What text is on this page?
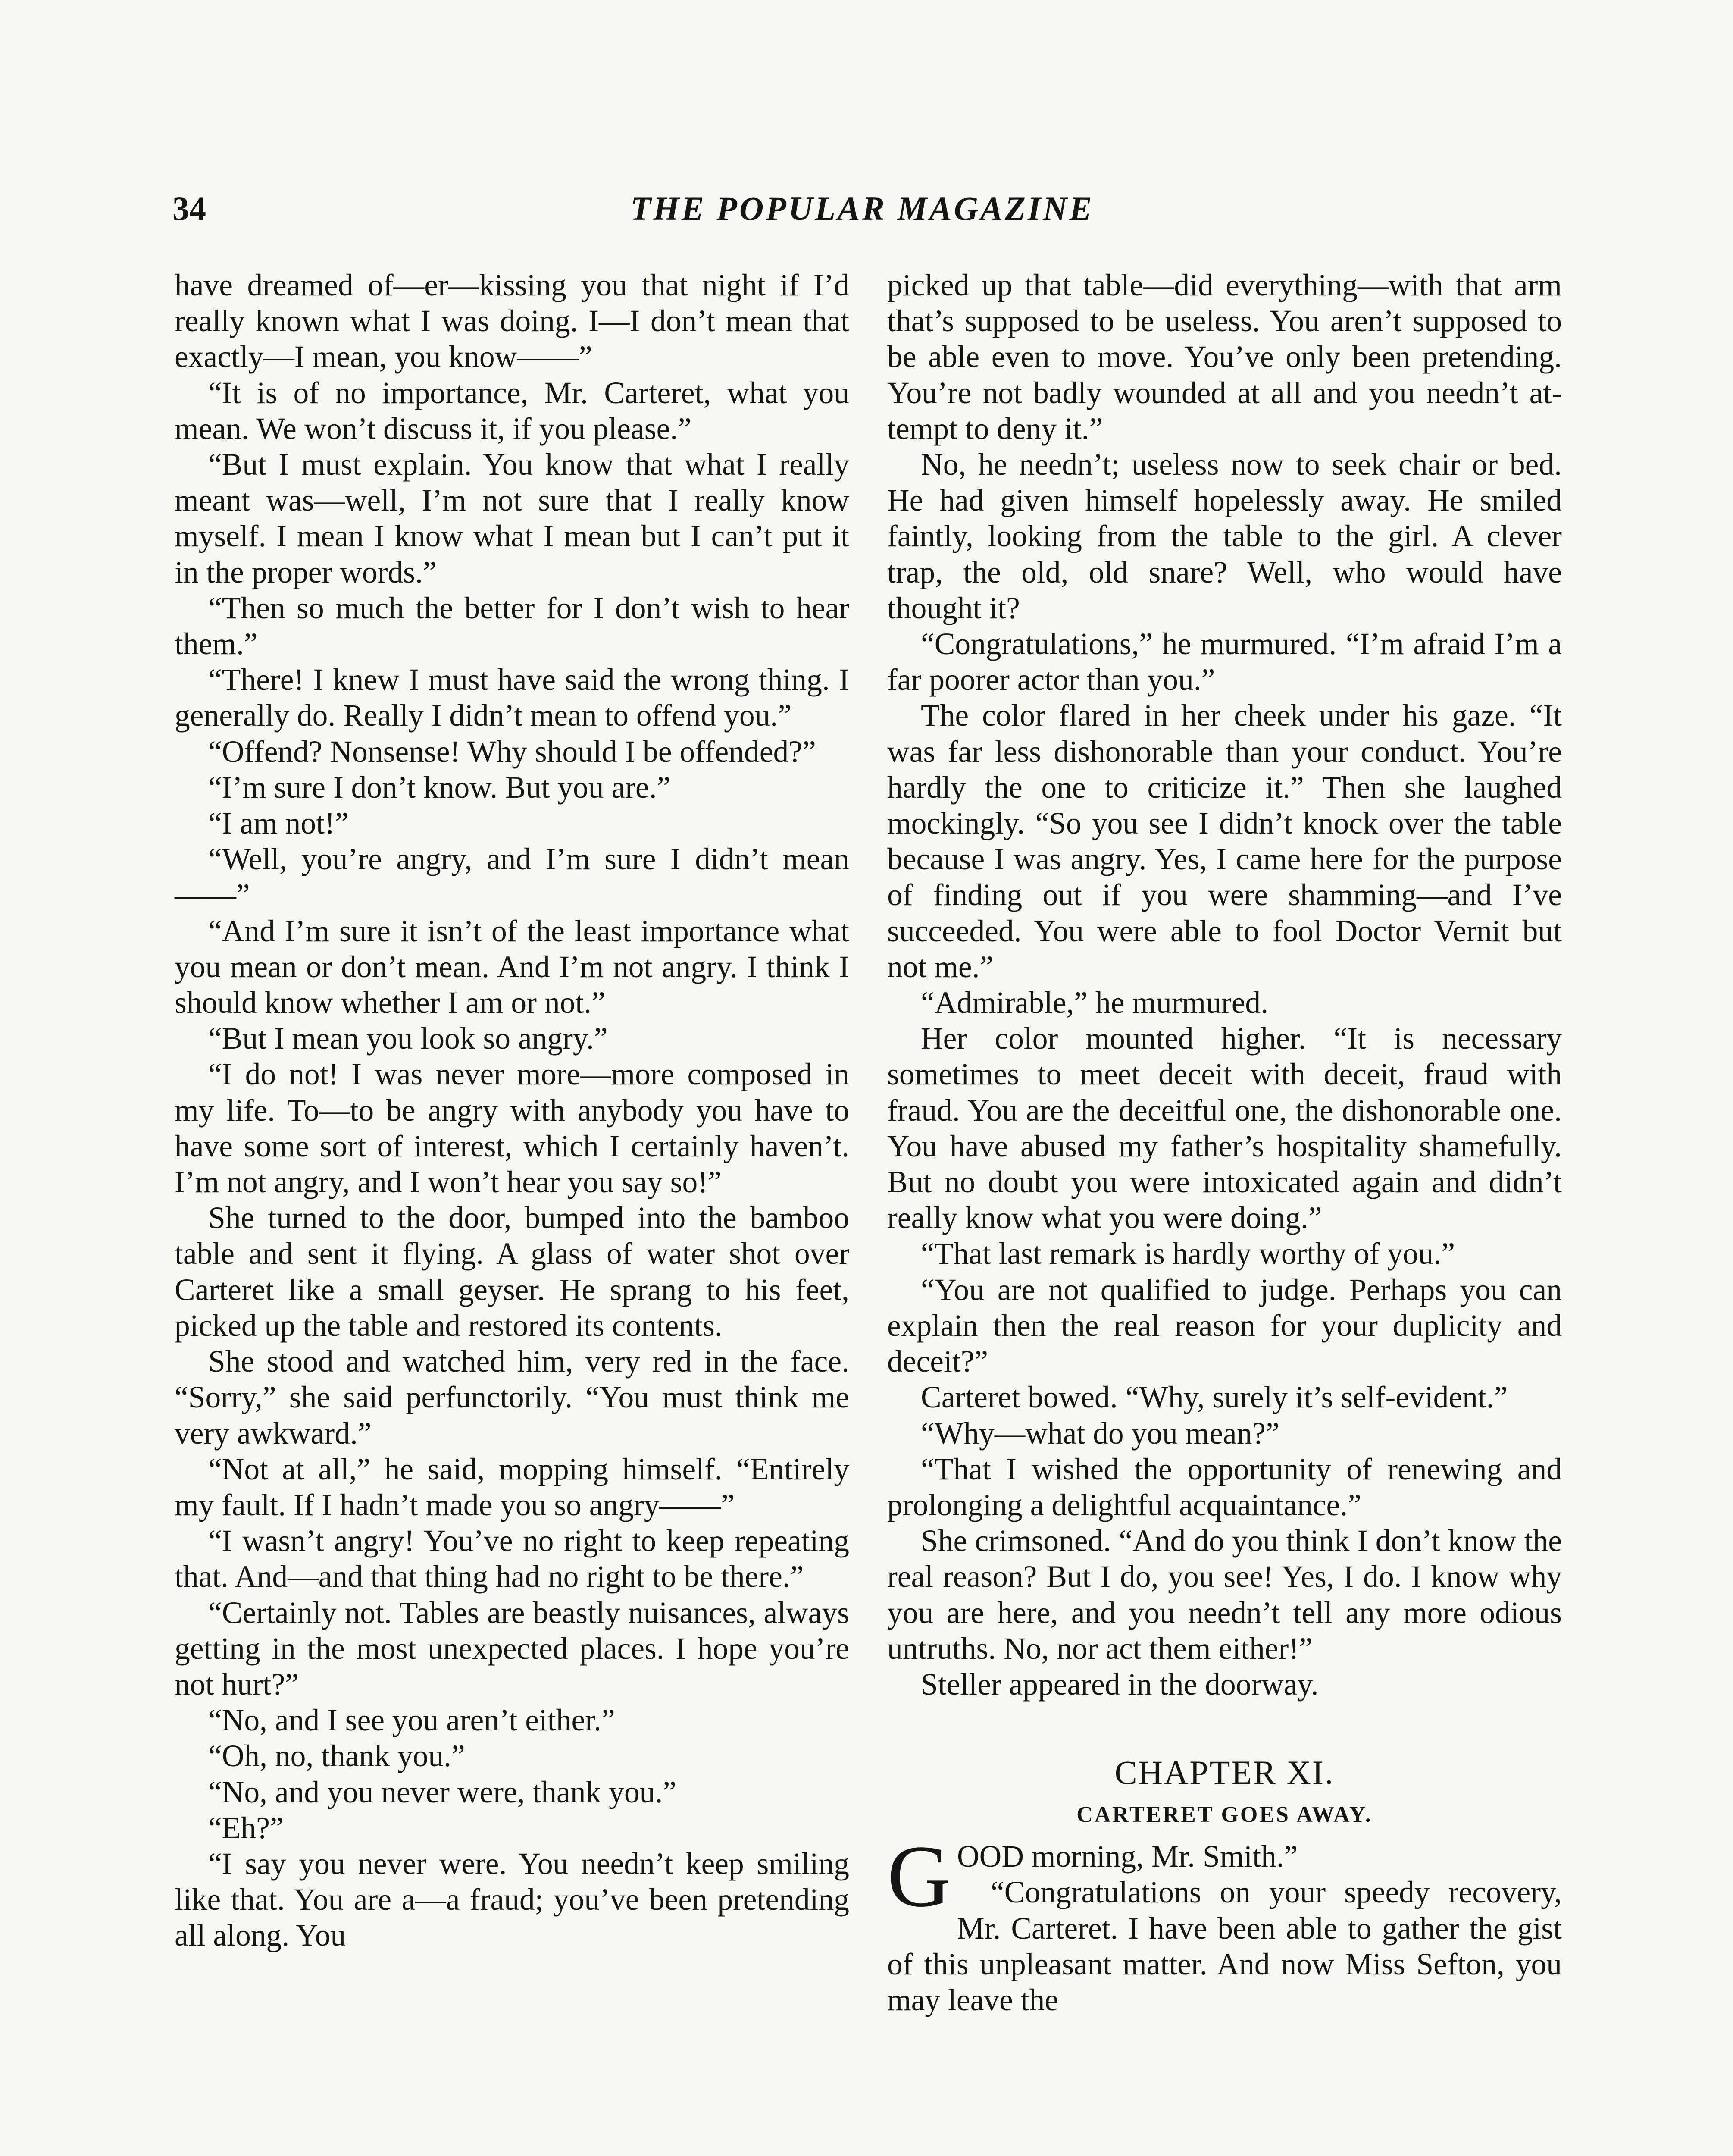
34	THE POPULAR MAGAZINE

have dreamed of—er—kissing you that night if I’d really known what I was doing. I—I don’t mean that exactly—I mean, you know——”

“It is of no importance, Mr. Carteret, what you mean. We won’t discuss it, if you please.”

“But I must explain. You know that what I really meant was—well, I’m not sure that I really know myself. I mean I know what I mean but I can’t put it in the proper words.”

“Then so much the better for I don’t wish to hear them.”

“There! I knew I must have said the wrong thing. I generally do. Really I didn’t mean to offend you.”

“Offend? Nonsense! Why should I be offended?”

“I’m sure I don’t know. But you are.”

“I am not!”

“Well, you’re angry, and I’m sure I didn’t mean——”

“And I’m sure it isn’t of the least importance what you mean or don’t mean. And I’m not angry. I think I should know whether I am or not.”

“But I mean you look so angry.”

“I do not! I was never more—more composed in my life. To—to be angry with anybody you have to have some sort of interest, which I certainly haven’t. I’m not angry, and I won’t hear you say so!”

She turned to the door, bumped into the bamboo table and sent it flying. A glass of water shot over Carteret like a small geyser. He sprang to his feet, picked up the table and restored its contents.

She stood and watched him, very red in the face. “Sorry,” she said perfunctorily. “You must think me very awkward.”

“Not at all,” he said, mopping himself. “Entirely my fault. If I hadn’t made you so angry——”

“I wasn’t angry! You’ve no right to keep repeating that. And—and that thing had no right to be there.”

“Certainly not. Tables are beastly nuisances, always getting in the most unexpected places. I hope you’re not hurt?”

“No, and I see you aren’t either.”

“Oh, no, thank you.”

“No, and you never were, thank you.”

“Eh?”

“I say you never were. You needn’t keep smiling like that. You are a—a fraud; you’ve been pretending all along. You

picked up that table—did everything—with that arm that’s supposed to be useless. You aren’t supposed to be able even to move. You’ve only been pretending. You’re not badly wounded at all and you needn’t attempt to deny it.”

No, he needn’t; useless now to seek chair or bed. He had given himself hopelessly away. He smiled faintly, looking from the table to the girl. A clever trap, the old, old snare? Well, who would have thought it?

“Congratulations,” he murmured. “I’m afraid I’m a far poorer actor than you.”

The color flared in her cheek under his gaze. “It was far less dishonorable than your conduct. You’re hardly the one to criticize it.” Then she laughed mockingly. “So you see I didn’t knock over the table because I was angry. Yes, I came here for the purpose of finding out if you were shamming—and I’ve succeeded. You were able to fool Doctor Vernit but not me.”

“Admirable,” he murmured.

Her color mounted higher. “It is necessary sometimes to meet deceit with deceit, fraud with fraud. You are the deceitful one, the dishonorable one. You have abused my father’s hospitality shamefully. But no doubt you were intoxicated again and didn’t really know what you were doing.”

“That last remark is hardly worthy of you.”

“You are not qualified to judge. Perhaps you can explain then the real reason for your duplicity and deceit?”

Carteret bowed. “Why, surely it’s self-evident.”

“Why—what do you mean?”

“That I wished the opportunity of renewing and prolonging a delightful acquaintance.”

She crimsoned. “And do you think I don’t know the real reason? But I do, you see! Yes, I do. I know why you are here, and you needn’t tell any more odious untruths. No, nor act them either!”

Steller appeared in the doorway.

CHAPTER XI.
CARTERET GOES AWAY.

GOOD morning, Mr. Smith.”

“Congratulations on your speedy recovery, Mr. Carteret. I have been able to gather the gist of this unpleasant matter. And now Miss Sefton, you may leave the
